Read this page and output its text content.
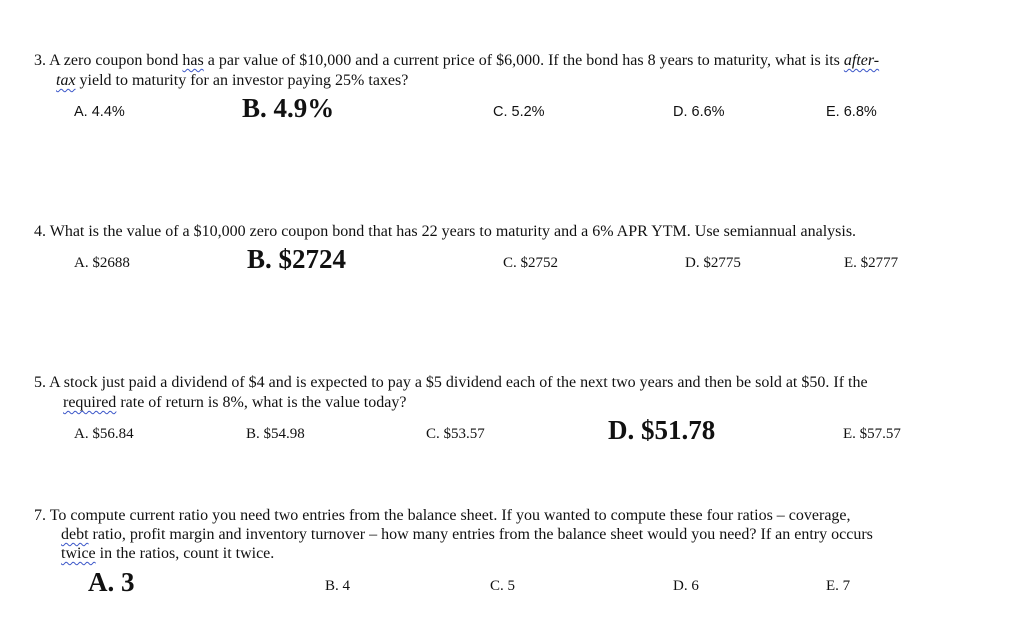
3. A zero coupon bond has a par value of $10,000 and a current price of $6,000. If the bond has 8 years to maturity, what is its after-
tax yield to maturity for an investor paying 25% taxes?
A. 4.4%	B. 4.9%	C. 5.2%	D. 6.6%	E. 6.8%
4. What is the value of a $10,000 zero coupon bond that has 22 years to maturity and a 6% APR YTM. Use semiannual analysis.
A. $2688	B. $2724	C. $2752	D. $2775	E. $2777
5. A stock just paid a dividend of $4 and is expected to pay a $5 dividend each of the next two years and then be sold at $50. If the
required rate of return is 8%, what is the value today?
A. $56.84	B. $54.98	C. $53.57	D. $51.78	E. $57.57
7. To compute current ratio you need two entries from the balance sheet. If you wanted to compute these four ratios – coverage,
debt ratio, profit margin and inventory turnover – how many entries from the balance sheet would you need? If an entry occurs
twice in the ratios, count it twice.
A. 3	B. 4	C. 5	D. 6	E. 7
